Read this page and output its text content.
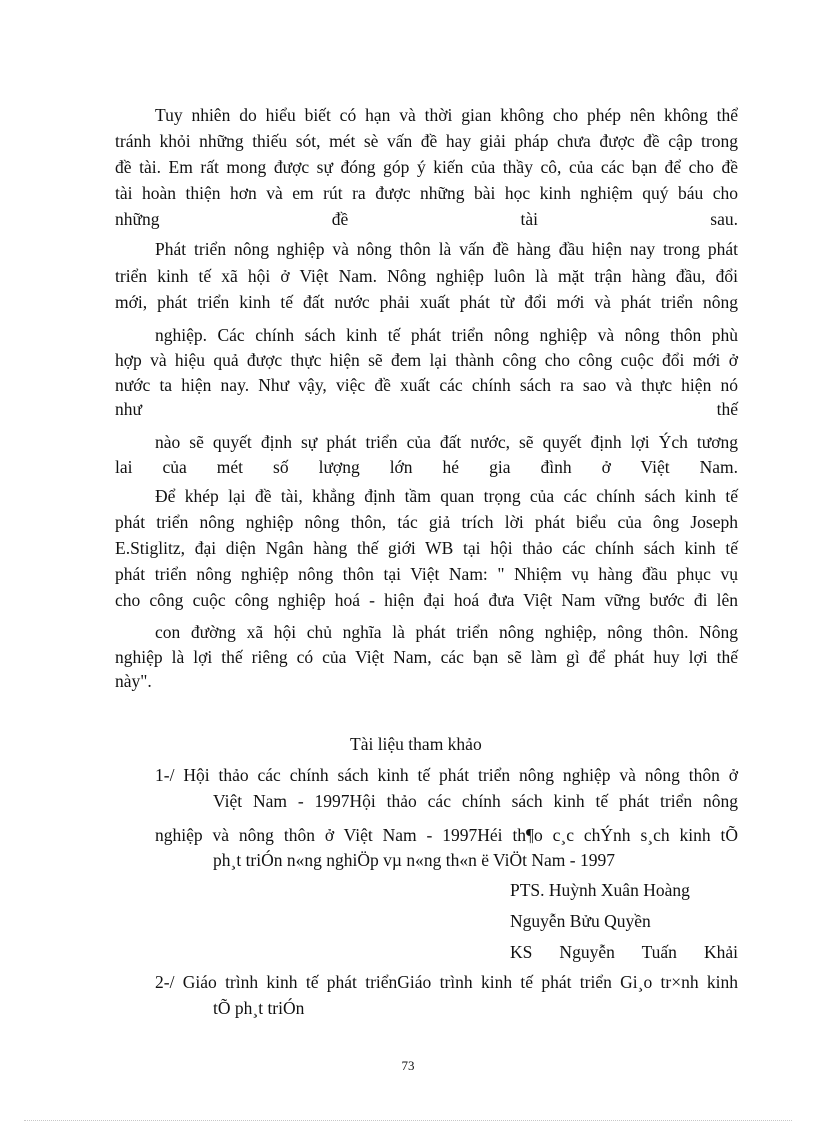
Tuy nhiên do hiểu biết có hạn và thời gian không cho phép nên không thể
tránh khỏi những thiếu sót, mét sè vấn đề hay giải pháp chưa được đề cập trong
đề tài. Em rất mong được sự đóng góp ý kiến của thầy cô, của các bạn để cho đề
tài hoàn thiện hơn và em rút ra được những bài học kinh nghiệm quý báu cho
những đề tài sau.
Phát triển nông nghiệp và nông thôn là vấn đề hàng đầu hiện nay trong phát
triển kinh tế xã hội ở Việt Nam. Nông nghiệp luôn là mặt trận hàng đầu, đổi
mới, phát triển kinh tế đất nước phải xuất phát từ đổi mới và phát triển nông
nghiệp. Các chính sách kinh tế phát triển nông nghiệp và nông thôn phù
hợp và hiệu quả được thực hiện sẽ đem lại thành công cho công cuộc đổi mới ở
nước ta hiện nay. Như vậy, việc đề xuất các chính sách ra sao và thực hiện nó
như thế
nào sẽ quyết định sự phát triển của đất nước, sẽ quyết định lợi Ých tương
lai của mét số lượng lớn hé gia đình ở Việt Nam.
Để khép lại đề tài, khẳng định tầm quan trọng của các chính sách kinh tế
phát triển nông nghiệp nông thôn, tác giả trích lời phát biểu của ông Joseph
E.Stiglitz, đại diện Ngân hàng thế giới WB tại hội thảo các chính sách kinh tế
phát triển nông nghiệp nông thôn tại Việt Nam: " Nhiệm vụ hàng đầu phục vụ
cho công cuộc công nghiệp hoá - hiện đại hoá đưa Việt Nam vững bước đi lên
con đường xã hội chủ nghĩa là phát triển nông nghiệp, nông thôn. Nông
nghiệp là lợi thế riêng có của Việt Nam, các bạn sẽ làm gì để phát huy lợi thế
này".
Tài liệu tham khảo
1-/ Hội thảo các chính sách kinh tế phát triển nông nghiệp và nông thôn ở
Việt Nam - 1997Hội thảo các chính sách kinh tế phát triển nông
nghiệp và nông thôn ở Việt Nam - 1997Héi th¶o c¸c chÝnh s¸ch kinh tÕ
ph¸t triÓn n«ng nghiÖp vµ n«ng th«n ë ViÖt Nam - 1997
PTS. Huỳnh Xuân Hoàng
Nguyễn Bửu Quyền
KS Nguyễn Tuấn Khải
2-/ Giáo trình kinh tế phát triểnGiáo trình kinh tế phát triển Gi¸o tr×nh kinh
tÕ ph¸t triÓn
73
